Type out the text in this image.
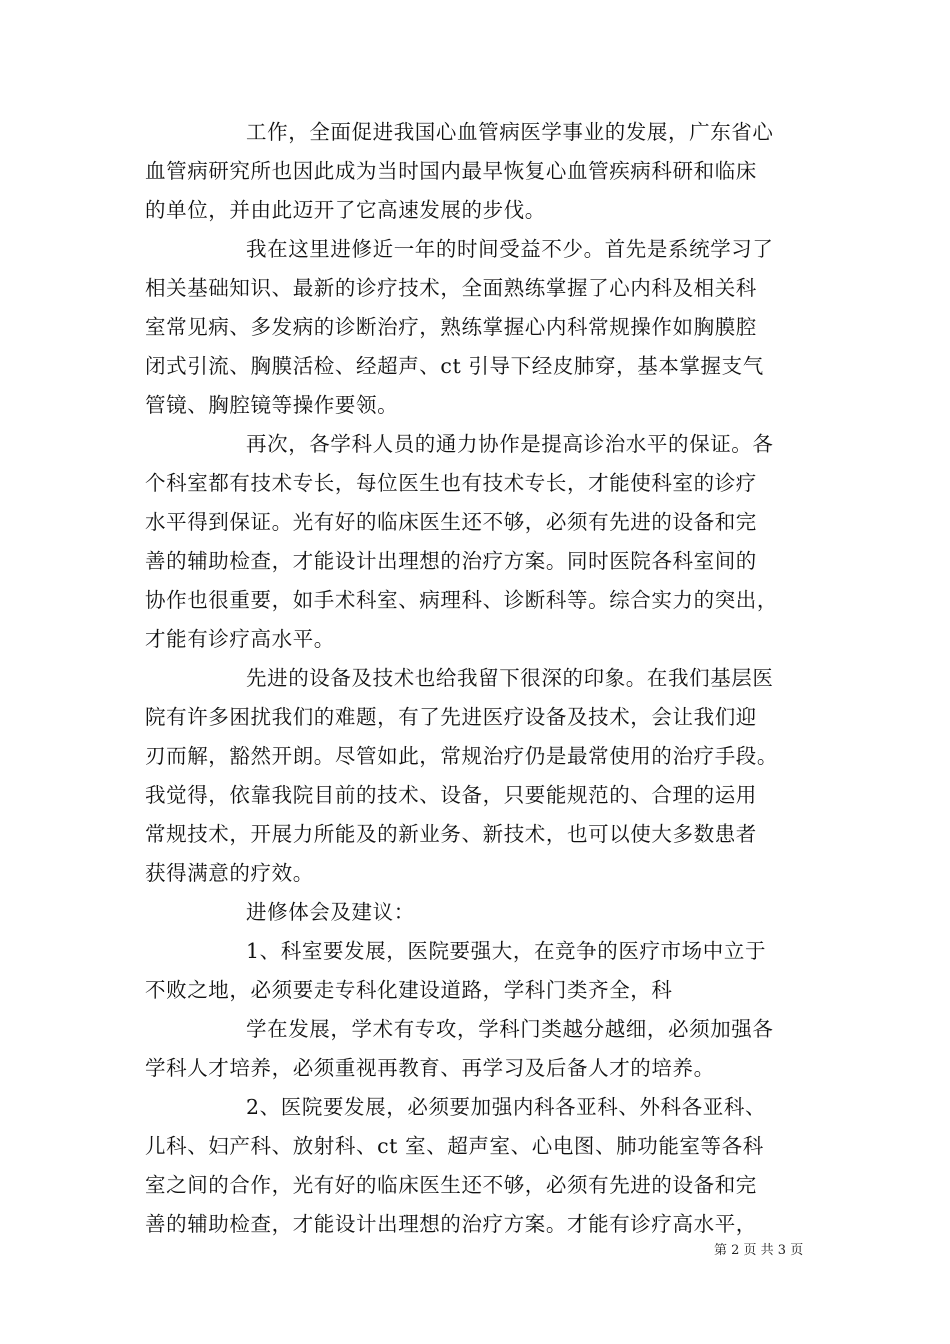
工作，全面促进我国心血管病医学事业的发展，广东省心
血管病研究所也因此成为当时国内最早恢复心血管疾病科研和临床
的单位，并由此迈开了它高速发展的步伐。
我在这里进修近一年的时间受益不少。首先是系统学习了
相关基础知识、最新的诊疗技术，全面熟练掌握了心内科及相关科
室常见病、多发病的诊断治疗，熟练掌握心内科常规操作如胸膜腔
闭式引流、胸膜活检、经超声、ct 引导下经皮肺穿，基本掌握支气
管镜、胸腔镜等操作要领。
再次，各学科人员的通力协作是提高诊治水平的保证。各
个科室都有技术专长，每位医生也有技术专长，才能使科室的诊疗
水平得到保证。光有好的临床医生还不够，必须有先进的设备和完
善的辅助检查，才能设计出理想的治疗方案。同时医院各科室间的
协作也很重要，如手术科室、病理科、诊断科等。综合实力的突出，
才能有诊疗高水平。
先进的设备及技术也给我留下很深的印象。在我们基层医
院有许多困扰我们的难题，有了先进医疗设备及技术，会让我们迎
刃而解，豁然开朗。尽管如此，常规治疗仍是最常使用的治疗手段。
我觉得，依靠我院目前的技术、设备，只要能规范的、合理的运用
常规技术，开展力所能及的新业务、新技术，也可以使大多数患者
获得满意的疗效。
进修体会及建议：
1、科室要发展，医院要强大，在竞争的医疗市场中立于
不败之地，必须要走专科化建设道路，学科门类齐全，科
学在发展，学术有专攻，学科门类越分越细，必须加强各
学科人才培养，必须重视再教育、再学习及后备人才的培养。
2、医院要发展，必须要加强内科各亚科、外科各亚科、
儿科、妇产科、放射科、ct 室、超声室、心电图、肺功能室等各科
室之间的合作，光有好的临床医生还不够，必须有先进的设备和完
善的辅助检查，才能设计出理想的治疗方案。才能有诊疗高水平，
第 2 页 共 3 页
